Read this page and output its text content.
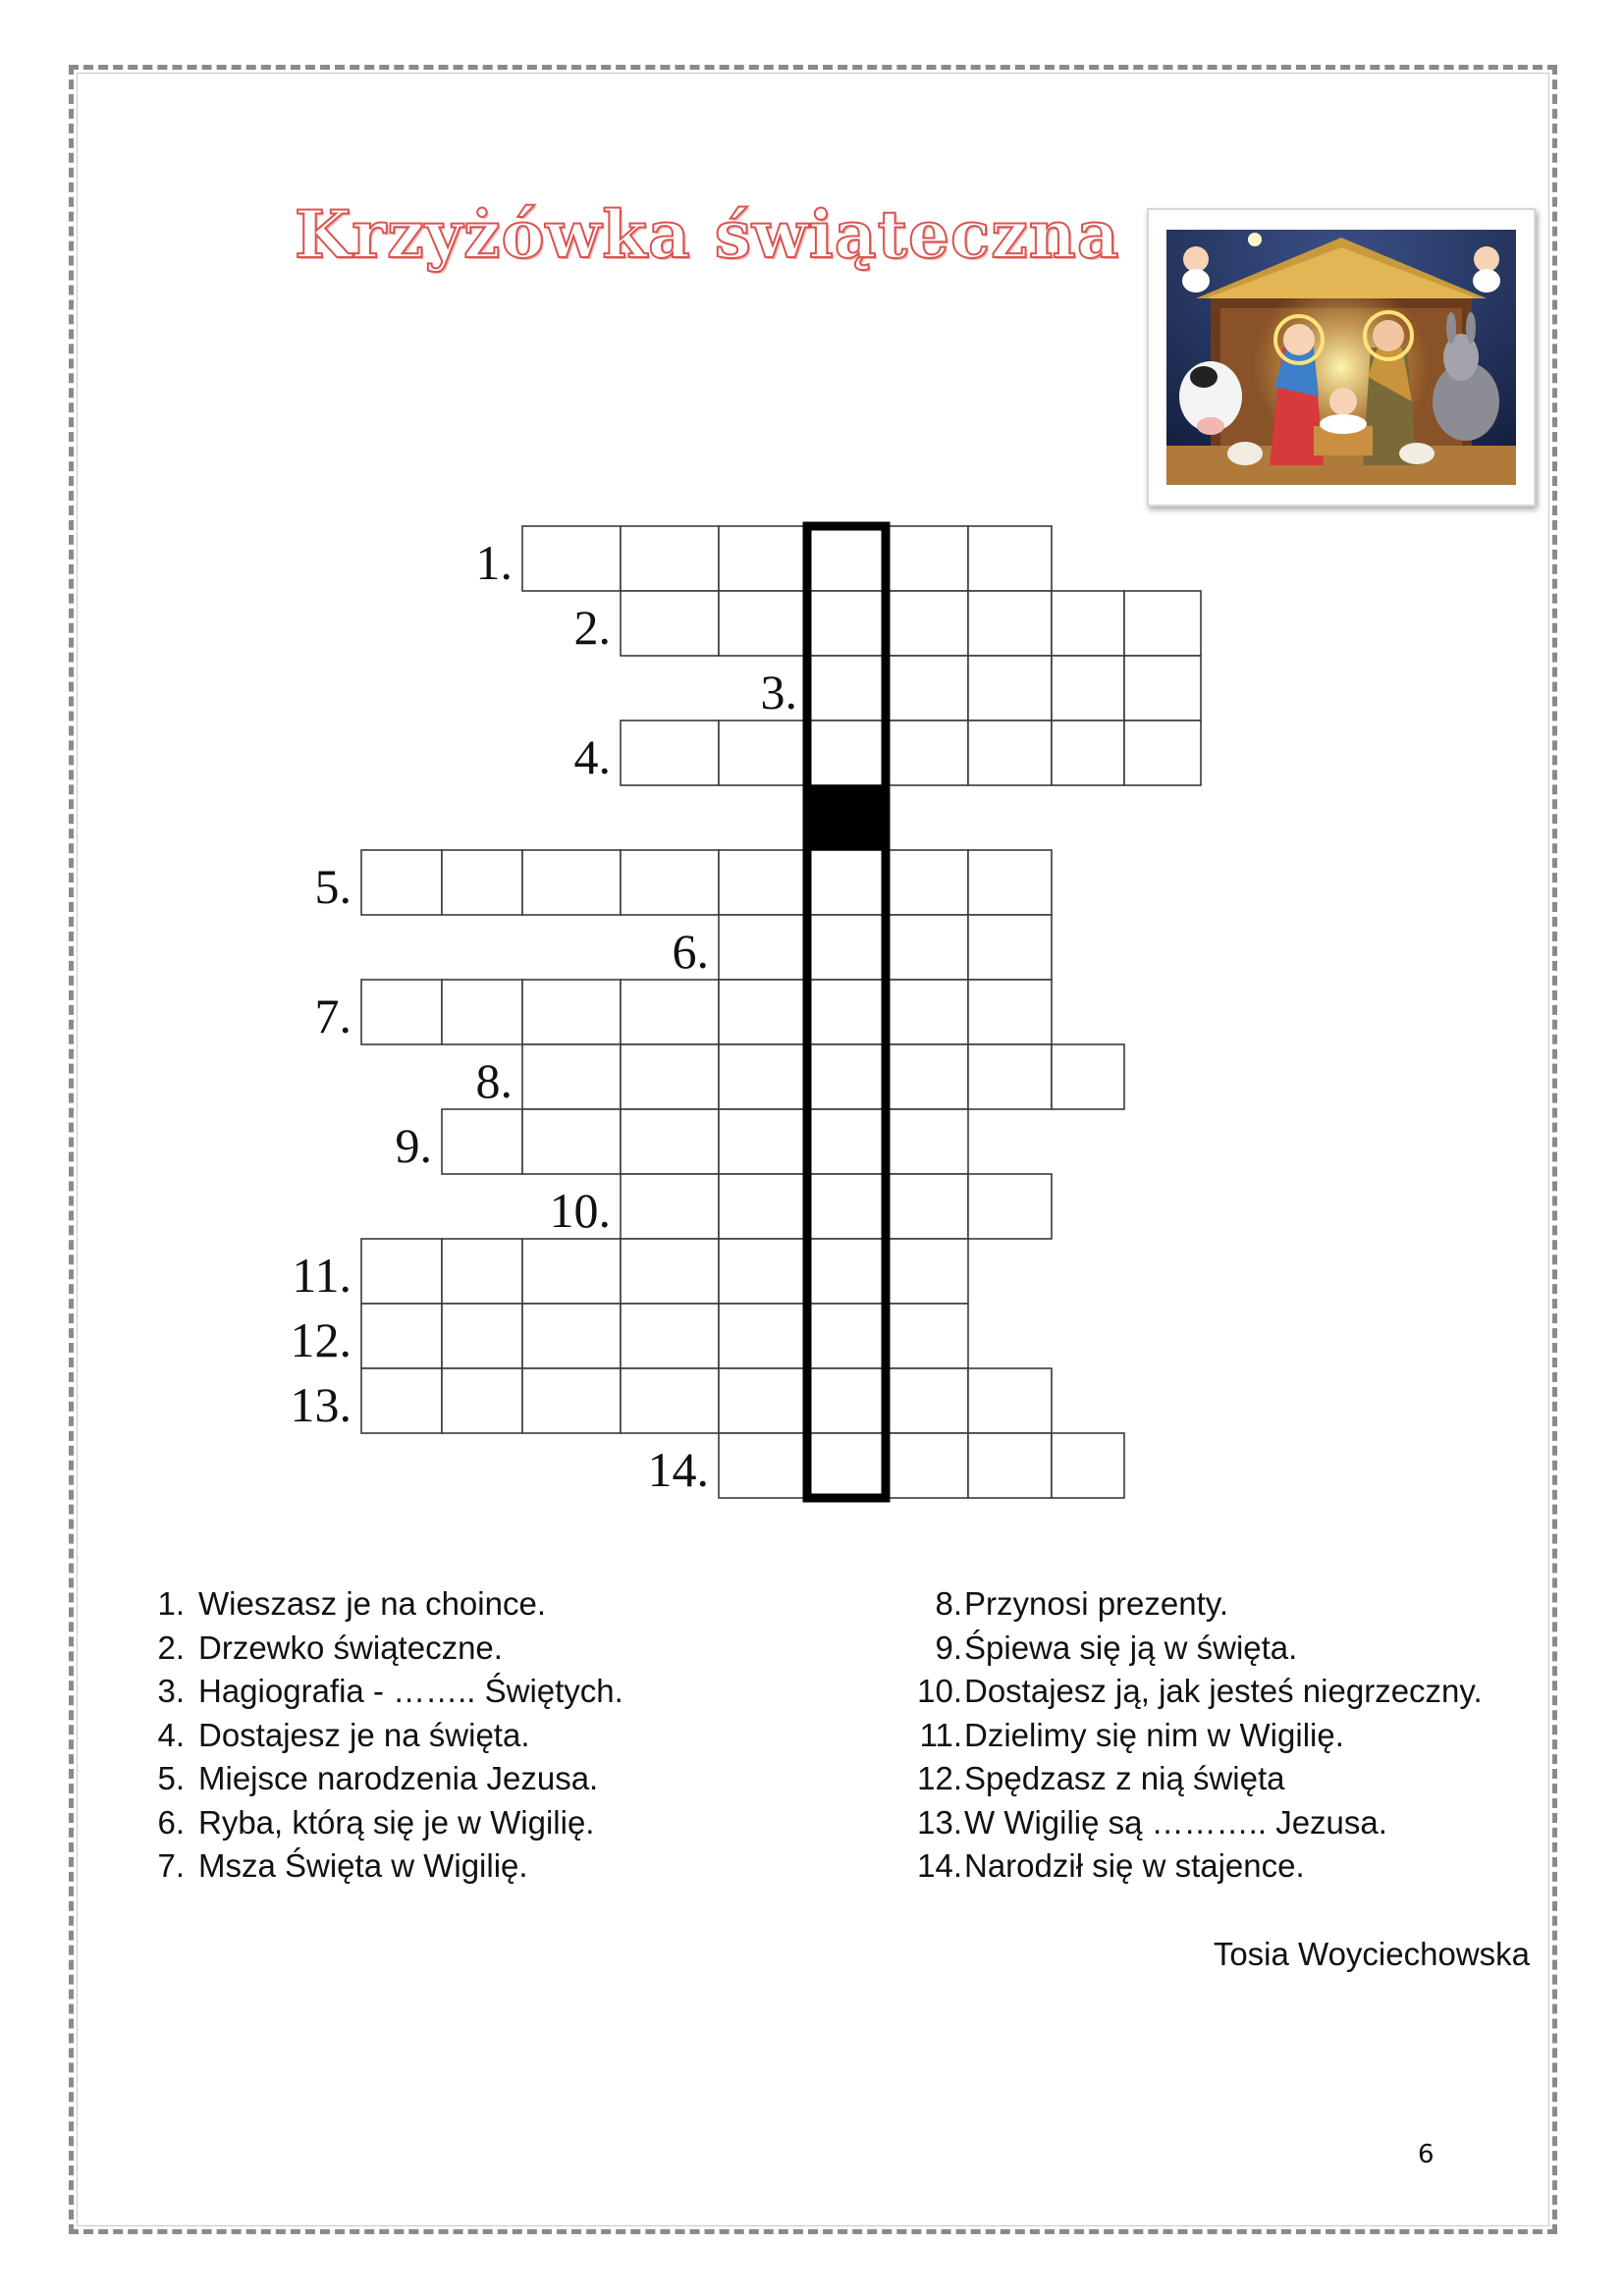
Krzyżówka świąteczna
1.
2.
3.
4.
5.
6.
7.
8.
9.
10.
11.
12.
13.
14.
1. Wieszasz je na choince.
2. Drzewko świąteczne.
3. Hagiografia - …….. Świętych.
4. Dostajesz je na święta.
5. Miejsce narodzenia Jezusa.
6. Ryba, którą się je w Wigilię.
7. Msza Święta w Wigilię.
8. Przynosi prezenty.
9. Śpiewa się ją w święta.
10. Dostajesz ją, jak jesteś niegrzeczny.
11. Dzielimy się nim w Wigilię.
12. Spędzasz z nią święta
13. W Wigilię są ……….. Jezusa.
14. Narodził się w stajence.
Tosia Woyciechowska
6
